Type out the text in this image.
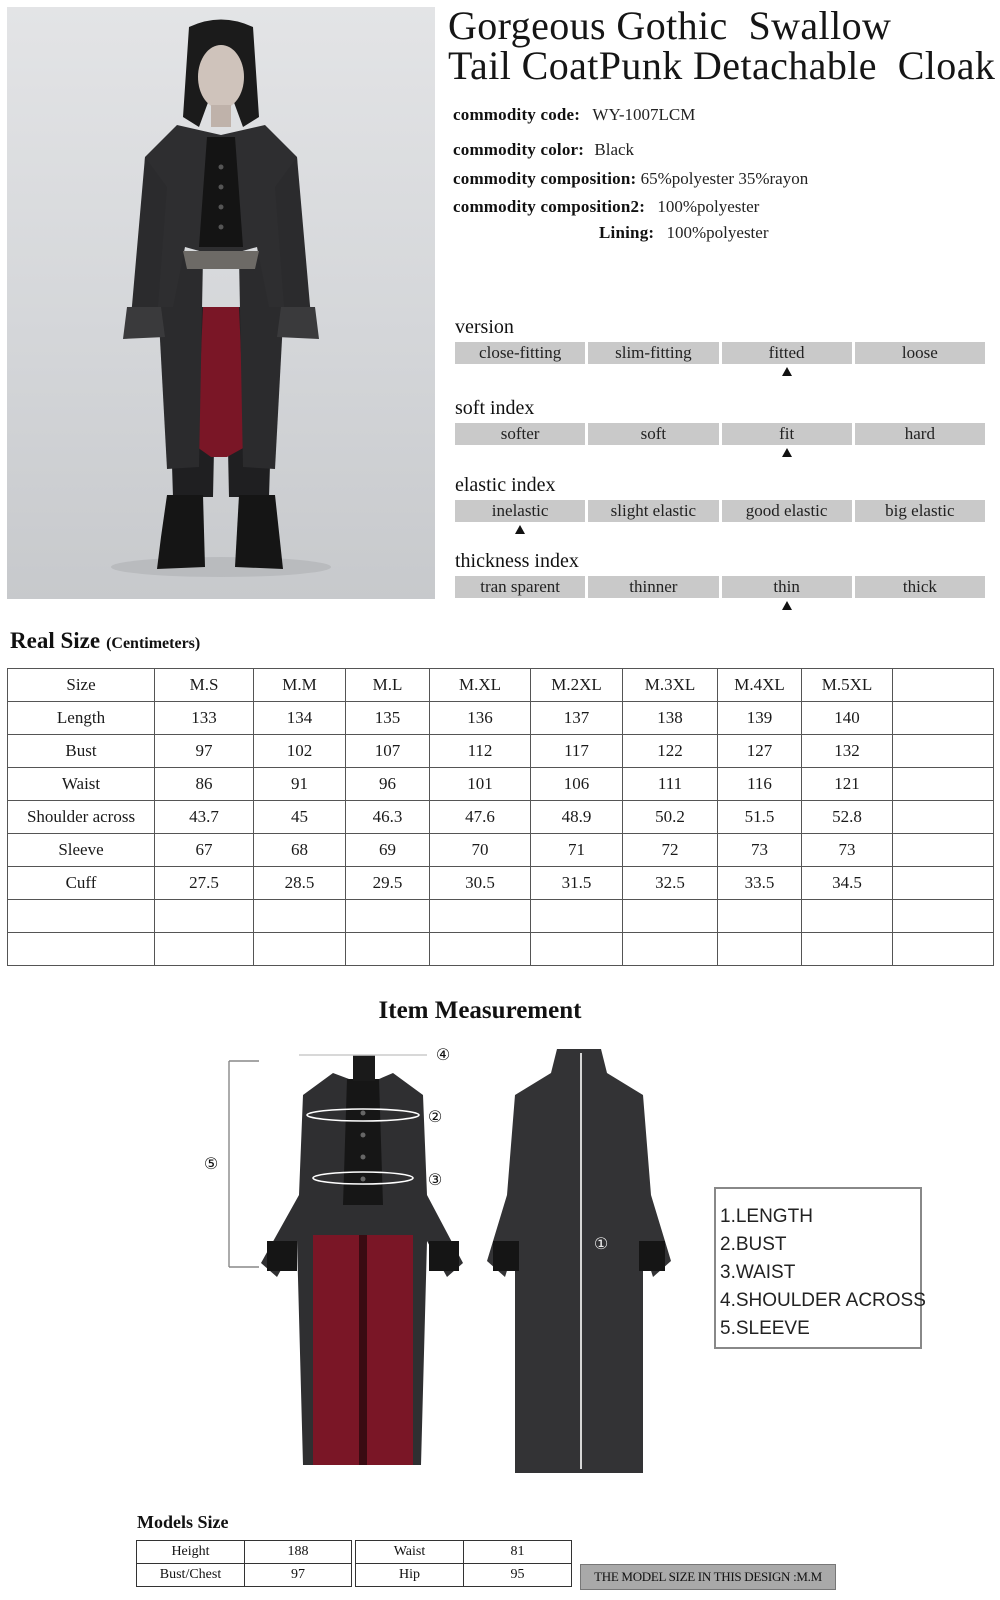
Gorgeous Gothic  Swallow
Tail CoatPunk Detachable  Cloak
commodity code: WY-1007LCM
commodity color: Black
commodity composition: 65%polyester 35%rayon
commodity composition2: 100%polyester
Lining: 100%polyester
version
close-fitting	slim-fitting	fitted	loose
soft index
softer	soft	fit	hard
elastic index
inelastic	slight elastic	good elastic	big elastic
thickness index
tran sparent	thinner	thin	thick
Real Size (Centimeters)
Size	M.S	M.M	M.L	M.XL	M.2XL	M.3XL	M.4XL	M.5XL	
Length	133	134	135	136	137	138	139	140	
Bust	97	102	107	112	117	122	127	132	
Waist	86	91	96	101	106	111	116	121	
Shoulder across	43.7	45	46.3	47.6	48.9	50.2	51.5	52.8	
Sleeve	67	68	69	70	71	72	73	73	
Cuff	27.5	28.5	29.5	30.5	31.5	32.5	33.5	34.5	

Item Measurement
④
②
③
⑤
①
1.LENGTH
2.BUST
3.WAIST
4.SHOULDER ACROSS
5.SLEEVE
Models Size
Height	188
Bust/Chest	97
Waist	81
Hip	95	THE MODEL SIZE IN THIS DESIGN :M.M
